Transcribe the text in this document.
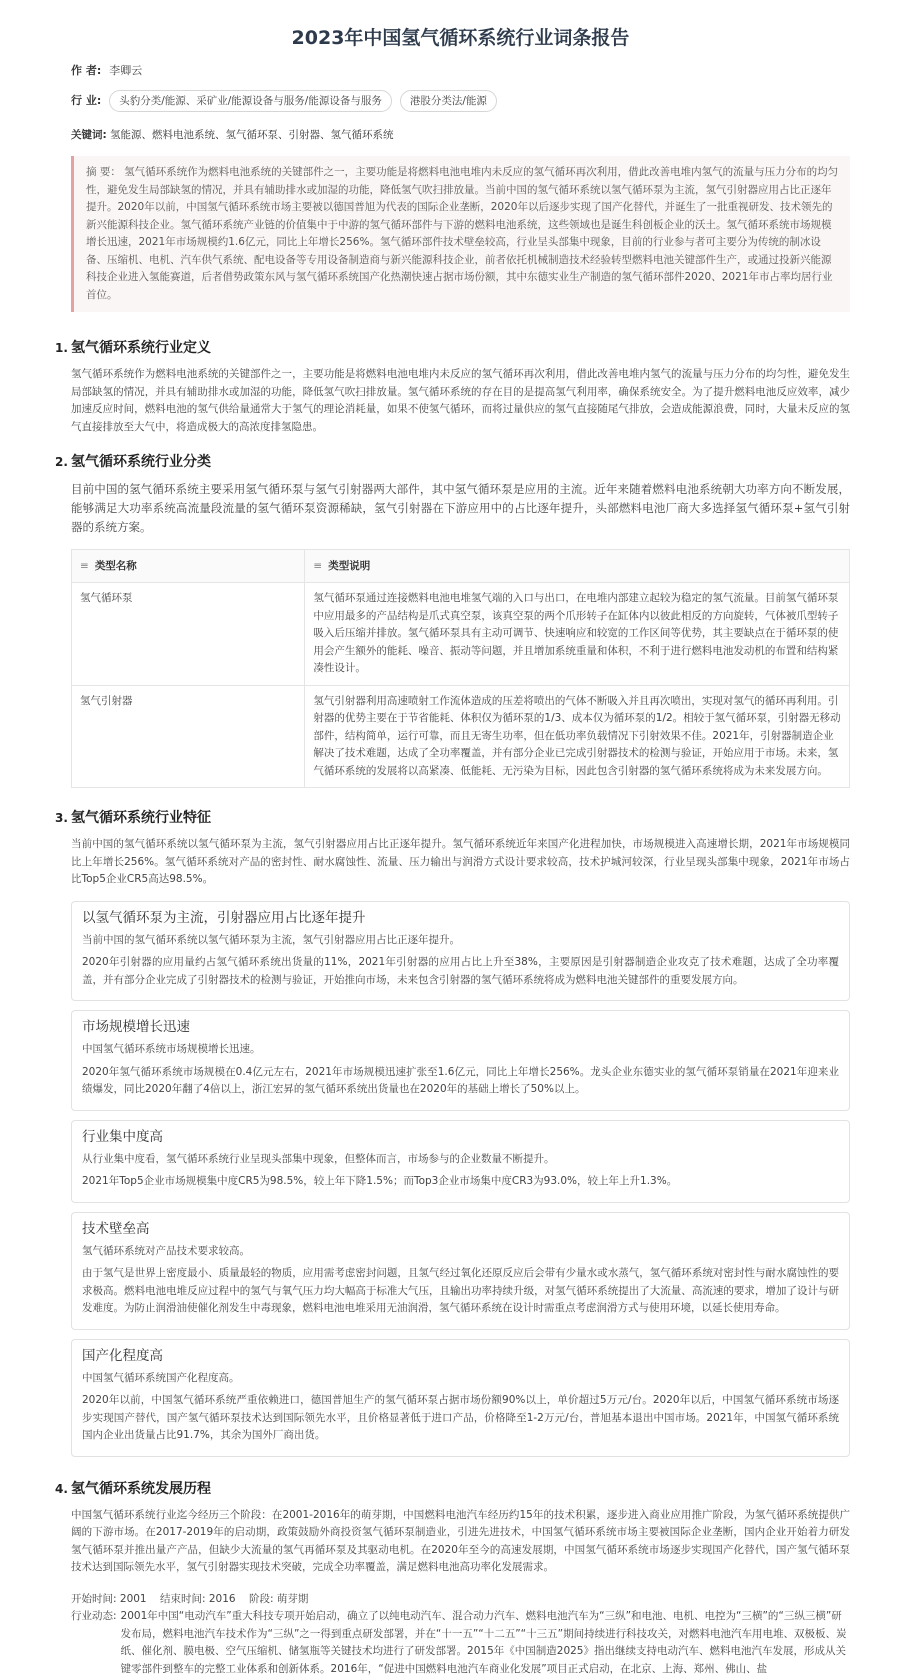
2023年中国氢气循环系统行业词条报告
作 者: 李卿云
行 业:	头豹分类/能源、采矿业/能源设备与服务/能源设备与服务	港股分类法/能源
关键词: 氢能源、燃料电池系统、氢气循环泵、引射器、氢气循环系统
摘 要： 氢气循环系统作为燃料电池系统的关键部件之一，主要功能是将燃料电池电堆内未反应的氢气循环再次利用，借此改善电堆内氢气的流量与压力分布的均匀性，避免发生局部缺氢的情况，并具有辅助排水或加湿的功能，降低氢气吹扫排放量。当前中国的氢气循环系统以氢气循环泵为主流，氢气引射器应用占比正逐年提升。2020年以前，中国氢气循环系统市场主要被以德国普旭为代表的国际企业垄断，2020年以后逐步实现了国产化替代，并诞生了一批重视研发、技术领先的新兴能源科技企业。氢气循环系统产业链的价值集中于中游的氢气循环部件与下游的燃料电池系统，这些领域也是诞生科创板企业的沃土。氢气循环系统市场规模增长迅速，2021年市场规模约1.6亿元，同比上年增长256%。氢气循环部件技术壁垒较高，行业呈头部集中现象，目前的行业参与者可主要分为传统的制冰设备、压缩机、电机、汽车供气系统、配电设备等专用设备制造商与新兴能源科技企业，前者依托机械制造技术经验转型燃料电池关键部件生产，或通过投新兴能源科技企业进入氢能赛道，后者借势政策东风与氢气循环系统国产化热潮快速占据市场份额，其中东德实业生产制造的氢气循环部件2020、2021年市占率均居行业首位。
1. 氢气循环系统行业定义

氢气循环系统作为燃料电池系统的关键部件之一，主要功能是将燃料电池电堆内未反应的氢气循环再次利用，借此改善电堆内氢气的流量与压力分布的均匀性，避免发生局部缺氢的情况，并具有辅助排水或加湿的功能，降低氢气吹扫排放量。氢气循环系统的存在目的是提高氢气利用率，确保系统安全。为了提升燃料电池反应效率，减少加速反应时间，燃料电池的氢气供给量通常大于氢气的理论消耗量，如果不使氢气循环，而将过量供应的氢气直接随尾气排放，会造成能源浪费，同时，大量未反应的氢气直接排放至大气中，将造成极大的高浓度排氢隐患。

2. 氢气循环系统行业分类

目前中国的氢气循环系统主要采用氢气循环泵与氢气引射器两大部件，其中氢气循环泵是应用的主流。近年来随着燃料电池系统朝大功率方向不断发展，能够满足大功率系统高流量段流量的氢气循环泵资源稀缺，氢气引射器在下游应用中的占比逐年提升，头部燃料电池厂商大多选择氢气循环泵+氢气引射器的系统方案。

≡ 类型名称	≡ 类型说明
氢气循环泵	氢气循环泵通过连接燃料电池电堆氢气端的入口与出口，在电堆内部建立起较为稳定的氢气流量。目前氢气循环泵中应用最多的产品结构是爪式真空泵，该真空泵的两个爪形转子在缸体内以彼此相反的方向旋转，气体被爪型转子吸入后压缩并排放。氢气循环泵具有主动可调节、快速响应和较宽的工作区间等优势，其主要缺点在于循环泵的使用会产生额外的能耗、噪音、振动等问题，并且增加系统重量和体积，不利于进行燃料电池发动机的布置和结构紧凑性设计。
氢气引射器	氢气引射器利用高速喷射工作流体造成的压差将喷出的气体不断吸入并且再次喷出，实现对氢气的循环再利用。引射器的优势主要在于节省能耗、体积仅为循环泵的1/3、成本仅为循环泵的1/2。相较于氢气循环泵，引射器无移动部件，结构简单，运行可靠，而且无寄生功率，但在低功率负载情况下引射效果不佳。2021年，引射器制造企业解决了技术难题，达成了全功率覆盖，并有部分企业已完成引射器技术的检测与验证，开始应用于市场。未来，氢气循环系统的发展将以高紧凑、低能耗、无污染为目标，因此包含引射器的氢气循环系统将成为未来发展方向。
3. 氢气循环系统行业特征

当前中国的氢气循环系统以氢气循环泵为主流，氢气引射器应用占比正逐年提升。氢气循环系统近年来国产化进程加快，市场规模进入高速增长期，2021年市场规模同比上年增长256%。氢气循环系统对产品的密封性、耐水腐蚀性、流量、压力输出与润滑方式设计要求较高，技术护城河较深，行业呈现头部集中现象，2021年市场占比Top5企业CR5高达98.5%。

以氢气循环泵为主流，引射器应用占比逐年提升

当前中国的氢气循环系统以氢气循环泵为主流，氢气引射器应用占比正逐年提升。

2020年引射器的应用量约占氢气循环系统出货量的11%，2021年引射器的应用占比上升至38%，主要原因是引射器制造企业攻克了技术难题，达成了全功率覆盖，并有部分企业完成了引射器技术的检测与验证，开始推向市场，未来包含引射器的氢气循环系统将成为燃料电池关键部件的重要发展方向。

市场规模增长迅速

中国氢气循环系统市场规模增长迅速。

2020年氢气循环系统市场规模在0.4亿元左右，2021年市场规模迅速扩张至1.6亿元，同比上年增长256%。龙头企业东德实业的氢气循环泵销量在2021年迎来业绩爆发，同比2020年翻了4倍以上，浙江宏昇的氢气循环系统出货量也在2020年的基础上增长了50%以上。

行业集中度高

从行业集中度看，氢气循环系统行业呈现头部集中现象，但整体而言，市场参与的企业数量不断提升。

2021年Top5企业市场规模集中度CR5为98.5%，较上年下降1.5%；而Top3企业市场集中度CR3为93.0%，较上年上升1.3%。

技术壁垒高

氢气循环系统对产品技术要求较高。

由于氢气是世界上密度最小、质量最轻的物质，应用需考虑密封问题，且氢气经过氧化还原反应后会带有少量水或水蒸气，氢气循环系统对密封性与耐水腐蚀性的要求极高。燃料电池电堆反应过程中的氢气与氧气压力均大幅高于标准大气压，且输出功率持续升级，对氢气循环系统提出了大流量、高流速的要求，增加了设计与研发难度。为防止润滑油使催化剂发生中毒现象，燃料电池电堆采用无油润滑，氢气循环系统在设计时需重点考虑润滑方式与使用环境，以延长使用寿命。

国产化程度高

中国氢气循环系统国产化程度高。

2020年以前，中国氢气循环系统严重依赖进口，德国普旭生产的氢气循环泵占据市场份额90%以上，单价超过5万元/台。2020年以后，中国氢气循环系统市场逐步实现国产替代，国产氢气循环泵技术达到国际领先水平，且价格显著低于进口产品，价格降至1-2万元/台，普旭基本退出中国市场。2021年，中国氢气循环系统国内企业出货量占比91.7%，其余为国外厂商出货。

4. 氢气循环系统发展历程

中国氢气循环系统行业迄今经历三个阶段：在2001-2016年的萌芽期，中国燃料电池汽车经历约15年的技术积累，逐步进入商业应用推广阶段，为氢气循环系统提供广阔的下游市场。在2017-2019年的启动期，政策鼓励外商投资氢气循环泵制造业，引进先进技术，中国氢气循环系统市场主要被国际企业垄断，国内企业开始着力研发氢气循环泵并推出量产产品，但缺少大流量的氢气再循环泵及其驱动电机。在2020年至今的高速发展期，中国氢气循环系统市场逐步实现国产化替代，国产氢气循环泵技术达到国际领先水平，氢气引射器实现技术突破，完成全功率覆盖，满足燃料电池高功率化发展需求。

开始时间: 2001 结束时间: 2016 阶段: 萌芽期
行业动态: 2001年中国“电动汽车”重大科技专项开始启动，确立了以纯电动汽车、混合动力汽车、燃料电池汽车为“三纵”和电池、电机、电控为“三横”的“三纵三横”研发布局，燃料电池汽车技术作为“三纵”之一得到重点研发部署，并在“十一五”“十二五”“十三五”期间持续进行科技攻关，对燃料电池汽车用电堆、双极板、炭纸、催化剂、膜电极、空气压缩机、储氢瓶等关键技术均进行了研发部署。2015年《中国制造2025》指出继续支持电动汽车、燃料电池汽车发展，形成从关键零部件到整车的完整工业体系和创新体系。2016年，“促进中国燃料电池汽车商业化发展”项目正式启动，在北京、上海、郑州、佛山、盐
